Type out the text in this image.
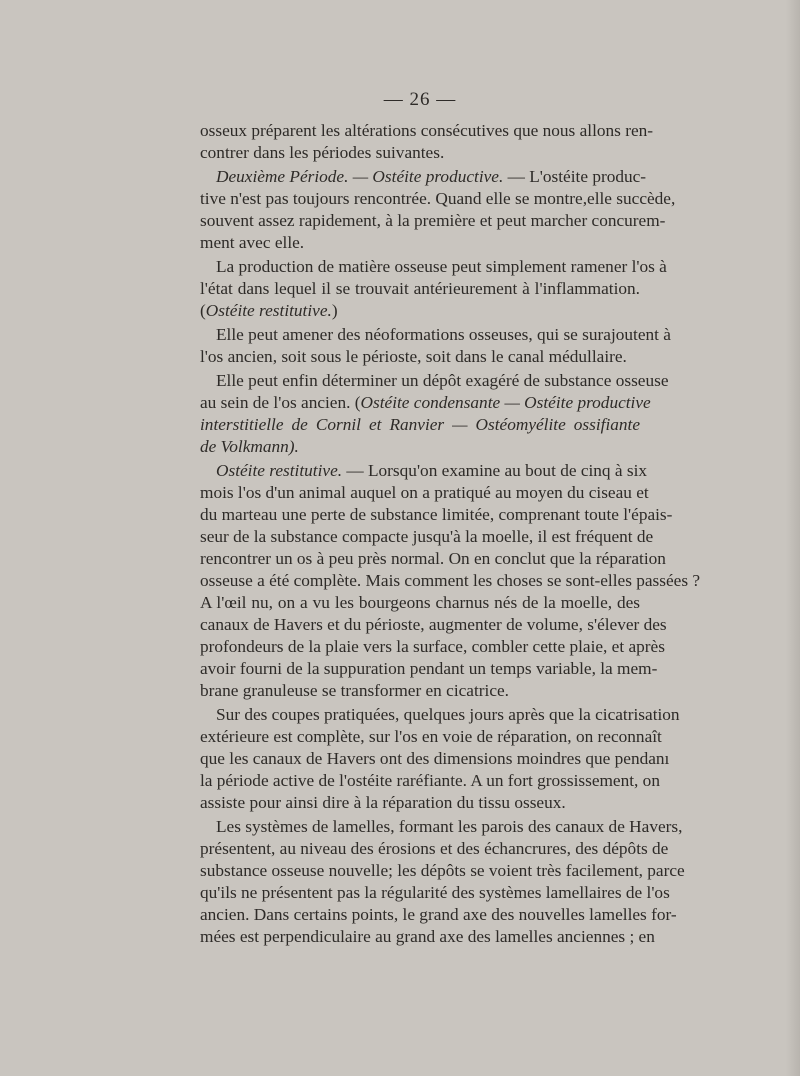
— 26 —
osseux préparent les altérations consécutives que nous allons ren-
contrer dans les périodes suivantes.
Deuxième Période. — Ostéite productive. — L'ostéite produc-
tive n'est pas toujours rencontrée. Quand elle se montre,elle succède,
souvent assez rapidement, à la première et peut marcher concurem-
ment avec elle.
La production de matière osseuse peut simplement ramener l'os à
l'état dans lequel il se trouvait antérieurement à l'inflammation.
(Ostéite restitutive.)
Elle peut amener des néoformations osseuses, qui se surajoutent à
l'os ancien, soit sous le périoste, soit dans le canal médullaire.
Elle peut enfin déterminer un dépôt exagéré de substance osseuse
au sein de l'os ancien. (Ostéite condensante — Ostéite productive
interstitielle de Cornil et Ranvier — Ostéomyélite ossifiante
de Volkmann).
Ostéite restitutive. — Lorsqu'on examine au bout de cinq à six
mois l'os d'un animal auquel on a pratiqué au moyen du ciseau et
du marteau une perte de substance limitée, comprenant toute l'épais-
seur de la substance compacte jusqu'à la moelle, il est fréquent de
rencontrer un os à peu près normal. On en conclut que la réparation
osseuse a été complète. Mais comment les choses se sont-elles passées ?
A l'œil nu, on a vu les bourgeons charnus nés de la moelle, des
canaux de Havers et du périoste, augmenter de volume, s'élever des
profondeurs de la plaie vers la surface, combler cette plaie, et après
avoir fourni de la suppuration pendant un temps variable, la mem-
brane granuleuse se transformer en cicatrice.
Sur des coupes pratiquées, quelques jours après que la cicatrisation
extérieure est complète, sur l'os en voie de réparation, on reconnaît
que les canaux de Havers ont des dimensions moindres que pendanı
la période active de l'ostéite raréfiante. A un fort grossissement, on
assiste pour ainsi dire à la réparation du tissu osseux.
Les systèmes de lamelles, formant les parois des canaux de Havers,
présentent, au niveau des érosions et des échancrures, des dépôts de
substance osseuse nouvelle; les dépôts se voient très facilement, parce
qu'ils ne présentent pas la régularité des systèmes lamellaires de l'os
ancien. Dans certains points, le grand axe des nouvelles lamelles for-
mées est perpendiculaire au grand axe des lamelles anciennes ; en
